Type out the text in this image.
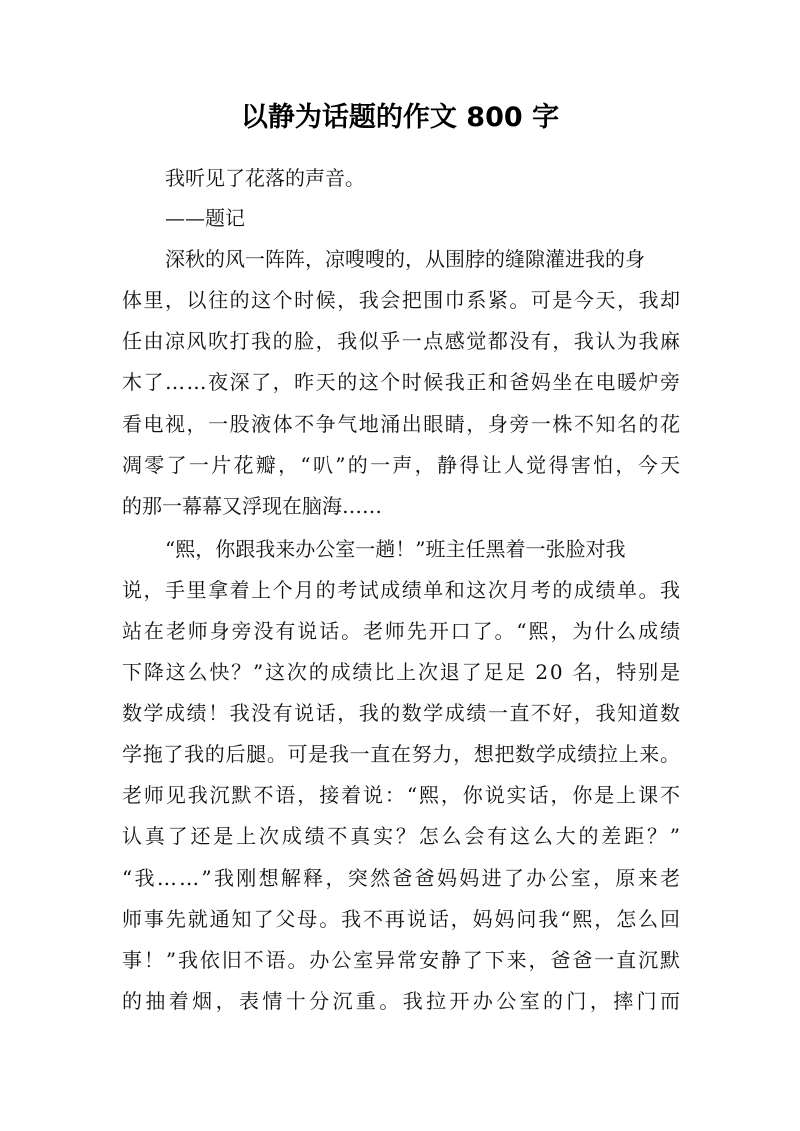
以静为话题的作文 800 字
我听见了花落的声音。
——题记
深秋的风一阵阵，凉嗖嗖的，从围脖的缝隙灌进我的身
体里，以往的这个时候，我会把围巾系紧。可是今天，我却
任由凉风吹打我的脸，我似乎一点感觉都没有，我认为我麻
木了……夜深了，昨天的这个时候我正和爸妈坐在电暖炉旁
看电视，一股液体不争气地涌出眼睛，身旁一株不知名的花
凋零了一片花瓣，“叭”的一声，静得让人觉得害怕，今天
的那一幕幕又浮现在脑海……
“熙，你跟我来办公室一趟！”班主任黑着一张脸对我
说，手里拿着上个月的考试成绩单和这次月考的成绩单。我
站在老师身旁没有说话。老师先开口了。“熙，为什么成绩
下降这么快？”这次的成绩比上次退了足足 20 名，特别是
数学成绩！我没有说话，我的数学成绩一直不好，我知道数
学拖了我的后腿。可是我一直在努力，想把数学成绩拉上来。
老师见我沉默不语，接着说：“熙，你说实话，你是上课不
认真了还是上次成绩不真实？怎么会有这么大的差距？”
“我……”我刚想解释，突然爸爸妈妈进了办公室，原来老
师事先就通知了父母。我不再说话，妈妈问我“熙，怎么回
事！”我依旧不语。办公室异常安静了下来，爸爸一直沉默
的抽着烟，表情十分沉重。我拉开办公室的门，摔门而
